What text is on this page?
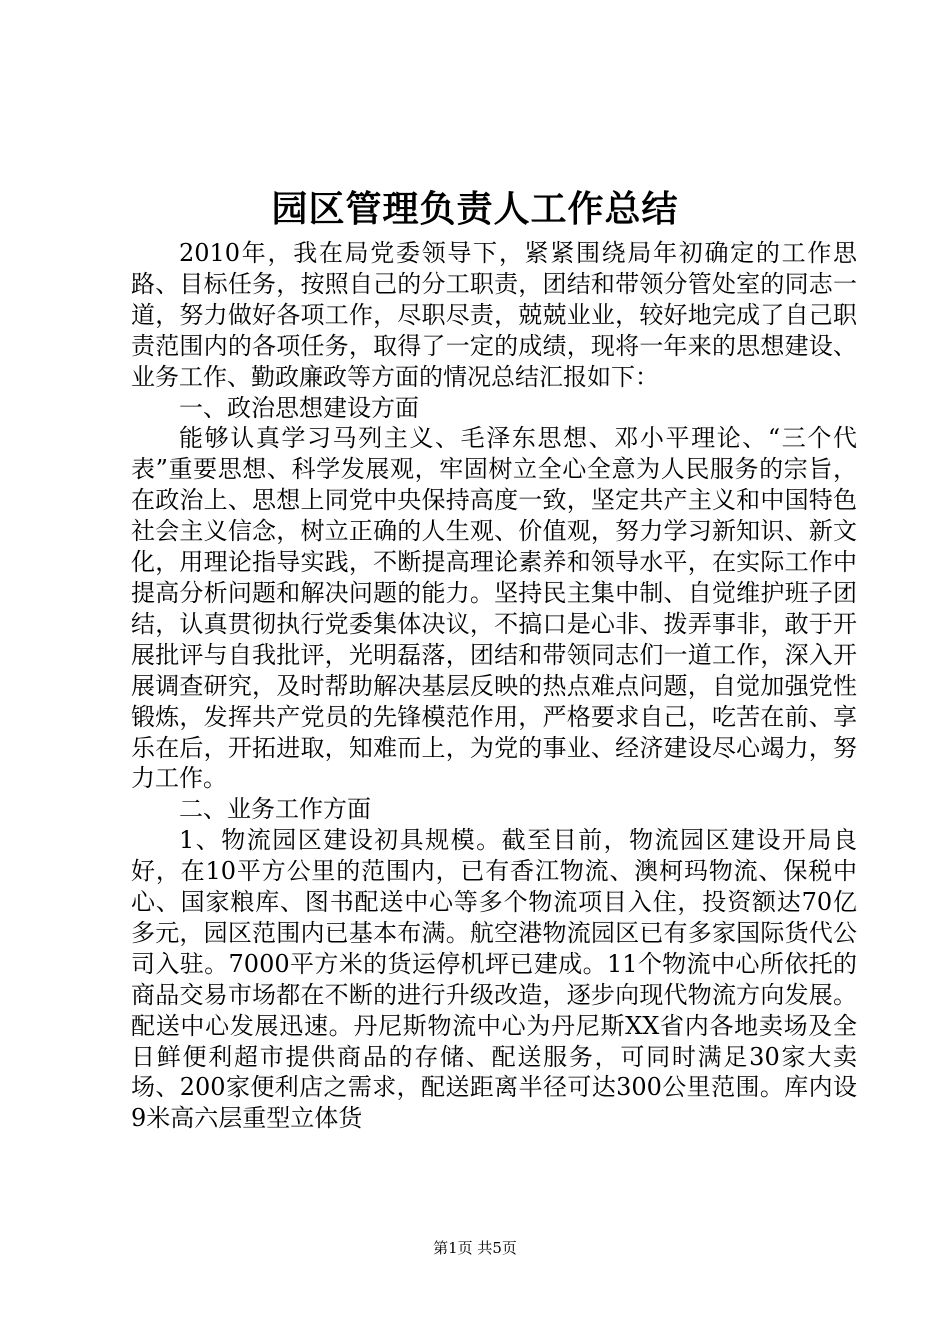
园区管理负责人工作总结

2010年，我在局党委领导下，紧紧围绕局年初确定的工作思路、目标任务，按照自己的分工职责，团结和带领分管处室的同志一道，努力做好各项工作，尽职尽责，兢兢业业，较好地完成了自己职责范围内的各项任务，取得了一定的成绩，现将一年来的思想建设、业务工作、勤政廉政等方面的情况总结汇报如下：

一、政治思想建设方面

能够认真学习马列主义、毛泽东思想、邓小平理论、“三个代表”重要思想、科学发展观，牢固树立全心全意为人民服务的宗旨，在政治上、思想上同党中央保持高度一致，坚定共产主义和中国特色社会主义信念，树立正确的人生观、价值观，努力学习新知识、新文化，用理论指导实践，不断提高理论素养和领导水平，在实际工作中提高分析问题和解决问题的能力。坚持民主集中制、自觉维护班子团结，认真贯彻执行党委集体决议，不搞口是心非、拨弄事非，敢于开展批评与自我批评，光明磊落，团结和带领同志们一道工作，深入开展调查研究，及时帮助解决基层反映的热点难点问题，自觉加强党性锻炼，发挥共产党员的先锋模范作用，严格要求自己，吃苦在前、享乐在后，开拓进取，知难而上，为党的事业、经济建设尽心竭力，努力工作。

二、业务工作方面

1、物流园区建设初具规模。截至目前，物流园区建设开局良好，在10平方公里的范围内，已有香江物流、澳柯玛物流、保税中心、国家粮库、图书配送中心等多个物流项目入住，投资额达70亿多元，园区范围内已基本布满。航空港物流园区已有多家国际货代公司入驻。7000平方米的货运停机坪已建成。11个物流中心所依托的商品交易市场都在不断的进行升级改造，逐步向现代物流方向发展。配送中心发展迅速。丹尼斯物流中心为丹尼斯XX省内各地卖场及全日鲜便利超市提供商品的存储、配送服务，可同时满足30家大卖场、200家便利店之需求，配送距离半径可达300公里范围。库内设9米高六层重型立体货

第1页 共5页
